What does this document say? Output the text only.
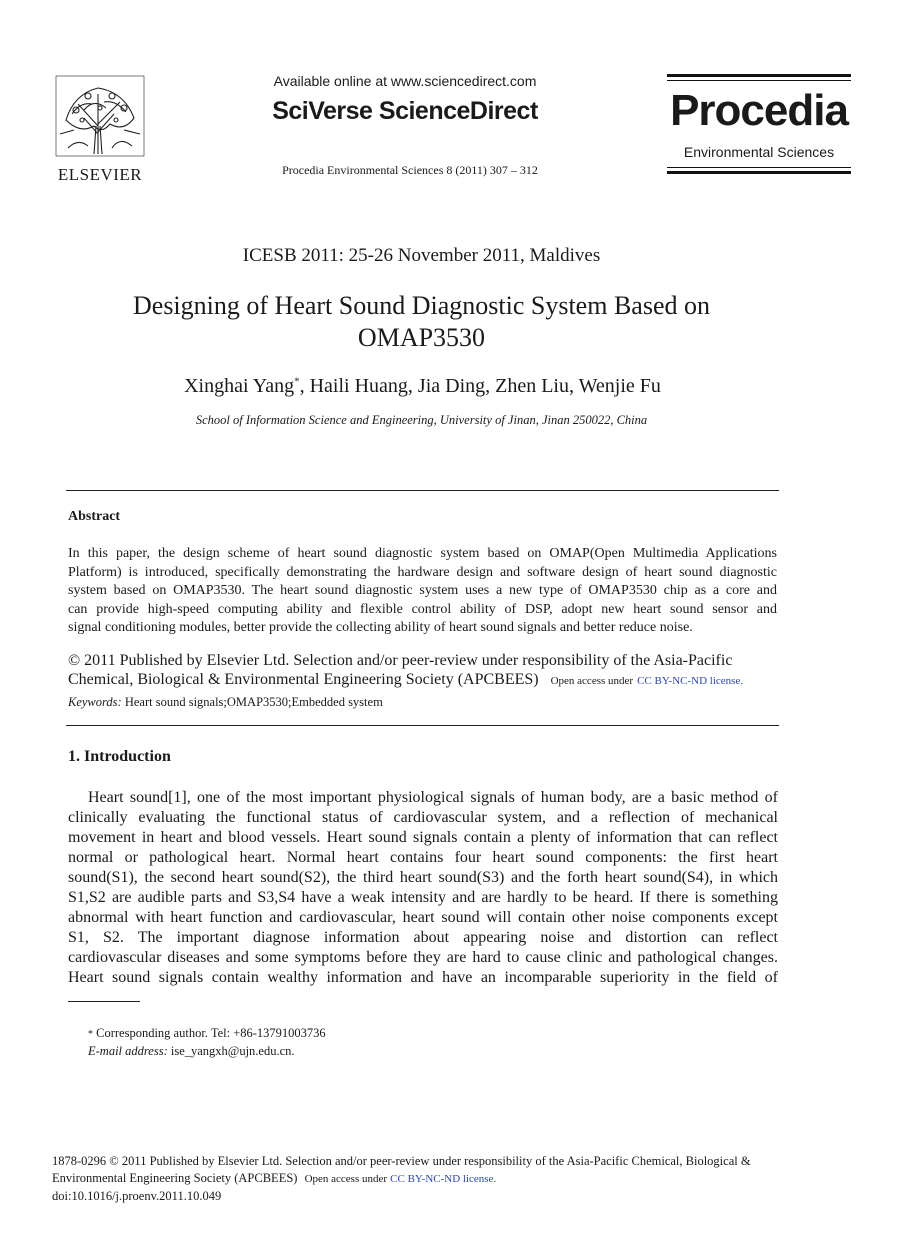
ELSEVIER
Available online at www.sciencedirect.com
SciVerse ScienceDirect
Procedia Environmental Sciences 8 (2011) 307 – 312
Procedia
Environmental Sciences
ICESB 2011: 25-26 November 2011, Maldives
Designing of Heart Sound Diagnostic System Based on
OMAP3530
Xinghai Yang*, Haili Huang, Jia Ding, Zhen Liu, Wenjie Fu
School of Information Science and Engineering, University of Jinan, Jinan 250022, China
Abstract
In this paper, the design scheme of heart sound diagnostic system based on OMAP(Open Multimedia Applications
Platform) is introduced, specifically demonstrating the hardware design and software design of heart sound diagnostic
system based on OMAP3530. The heart sound diagnostic system uses a new type of OMAP3530 chip as a core and
can provide high-speed computing ability and flexible control ability of DSP, adopt new heart sound sensor and
signal conditioning modules, better provide the collecting ability of heart sound signals and better reduce noise.
© 2011 Published by Elsevier Ltd. Selection and/or peer-review under responsibility of the Asia-Pacific
Chemical, Biological & Environmental Engineering Society (APCBEES) Open access under CC BY-NC-ND license.
Keywords: Heart sound signals;OMAP3530;Embedded system
1. Introduction
Heart sound[1], one of the most important physiological signals of human body, are a basic method of
clinically evaluating the functional status of cardiovascular system, and a reflection of mechanical
movement in heart and blood vessels. Heart sound signals contain a plenty of information that can reflect
normal or pathological heart. Normal heart contains four heart sound components: the first heart
sound(S1), the second heart sound(S2), the third heart sound(S3) and the forth heart sound(S4), in which
S1,S2 are audible parts and S3,S4 have a weak intensity and are hardly to be heard. If there is something
abnormal with heart function and cardiovascular, heart sound will contain other noise components except
S1, S2. The important diagnose information about appearing noise and distortion can reflect
cardiovascular diseases and some symptoms before they are hard to cause clinic and pathological changes.
Heart sound signals contain wealthy information and have an incomparable superiority in the field of
* Corresponding author. Tel: +86-13791003736
E-mail address: ise_yangxh@ujn.edu.cn.
1878-0296 © 2011 Published by Elsevier Ltd. Selection and/or peer-review under responsibility of the Asia-Pacific Chemical, Biological &
Environmental Engineering Society (APCBEES) Open access under CC BY-NC-ND license.
doi:10.1016/j.proenv.2011.10.049
